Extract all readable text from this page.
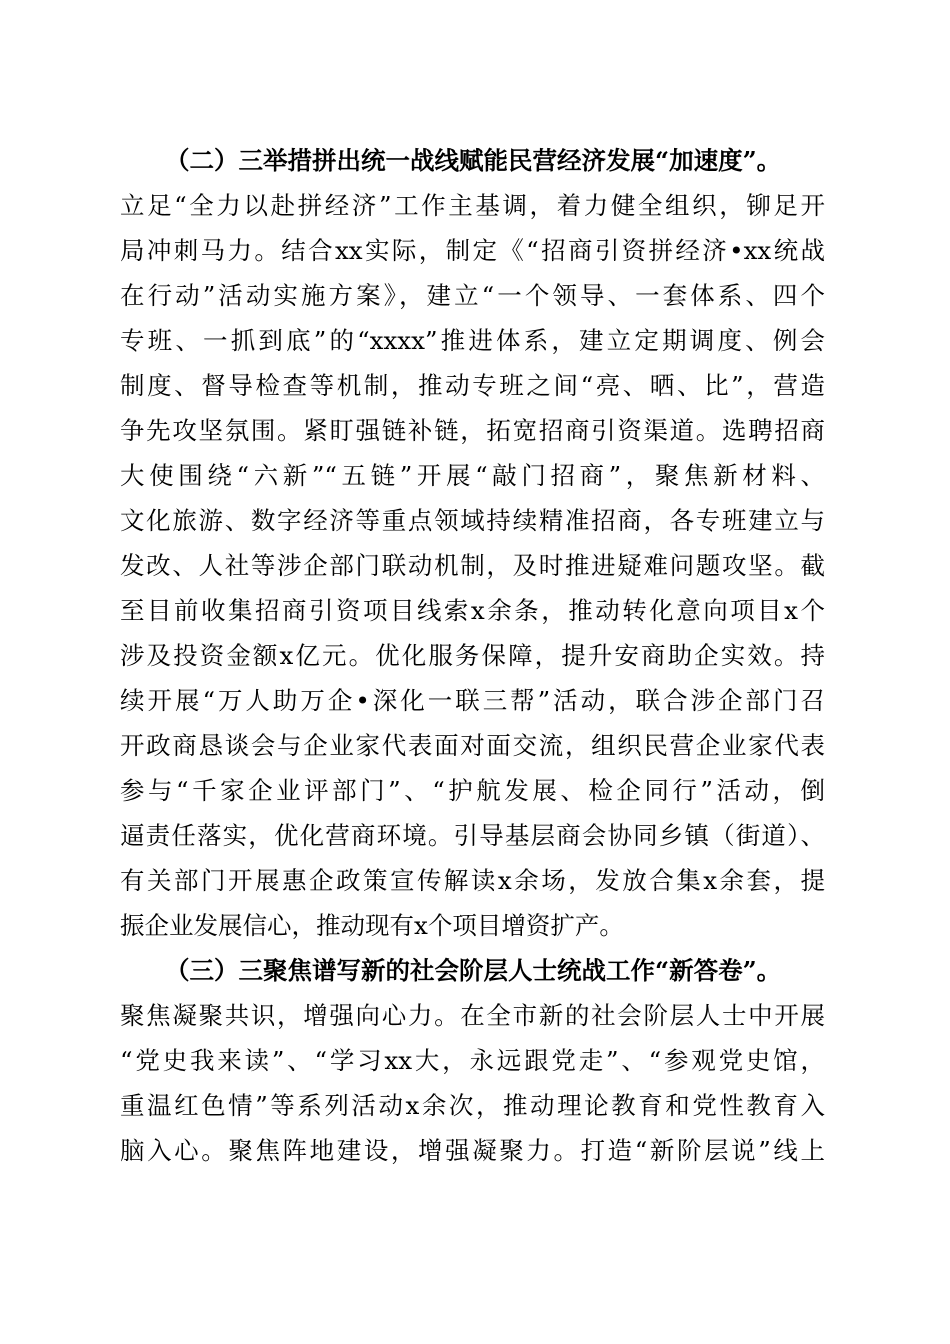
（二）三举措拼出统一战线赋能民营经济发展“加速度”。
立足“全力以赴拼经济”工作主基调，着力健全组织，铆足开
局冲刺马力。结合xx实际，制定《“招商引资拼经济•xx统战
在行动”活动实施方案》，建立“一个领导、一套体系、四个
专班、一抓到底”的“xxxx”推进体系，建立定期调度、例会
制度、督导检查等机制，推动专班之间“亮、晒、比”，营造
争先攻坚氛围。紧盯强链补链，拓宽招商引资渠道。选聘招商
大使围绕“六新”“五链”开展“敲门招商”，聚焦新材料、
文化旅游、数字经济等重点领域持续精准招商，各专班建立与
发改、人社等涉企部门联动机制，及时推进疑难问题攻坚。截
至目前收集招商引资项目线索x余条，推动转化意向项目x个
涉及投资金额x亿元。优化服务保障，提升安商助企实效。持
续开展“万人助万企•深化一联三帮”活动，联合涉企部门召
开政商恳谈会与企业家代表面对面交流，组织民营企业家代表
参与“千家企业评部门”、“护航发展、检企同行”活动，倒
逼责任落实，优化营商环境。引导基层商会协同乡镇（街道）、
有关部门开展惠企政策宣传解读x余场，发放合集x余套，提
振企业发展信心，推动现有x个项目增资扩产。
（三）三聚焦谱写新的社会阶层人士统战工作“新答卷”。
聚焦凝聚共识，增强向心力。在全市新的社会阶层人士中开展
“党史我来读”、“学习xx大，永远跟党走”、“参观党史馆，
重温红色情”等系列活动x余次，推动理论教育和党性教育入
脑入心。聚焦阵地建设，增强凝聚力。打造“新阶层说”线上
